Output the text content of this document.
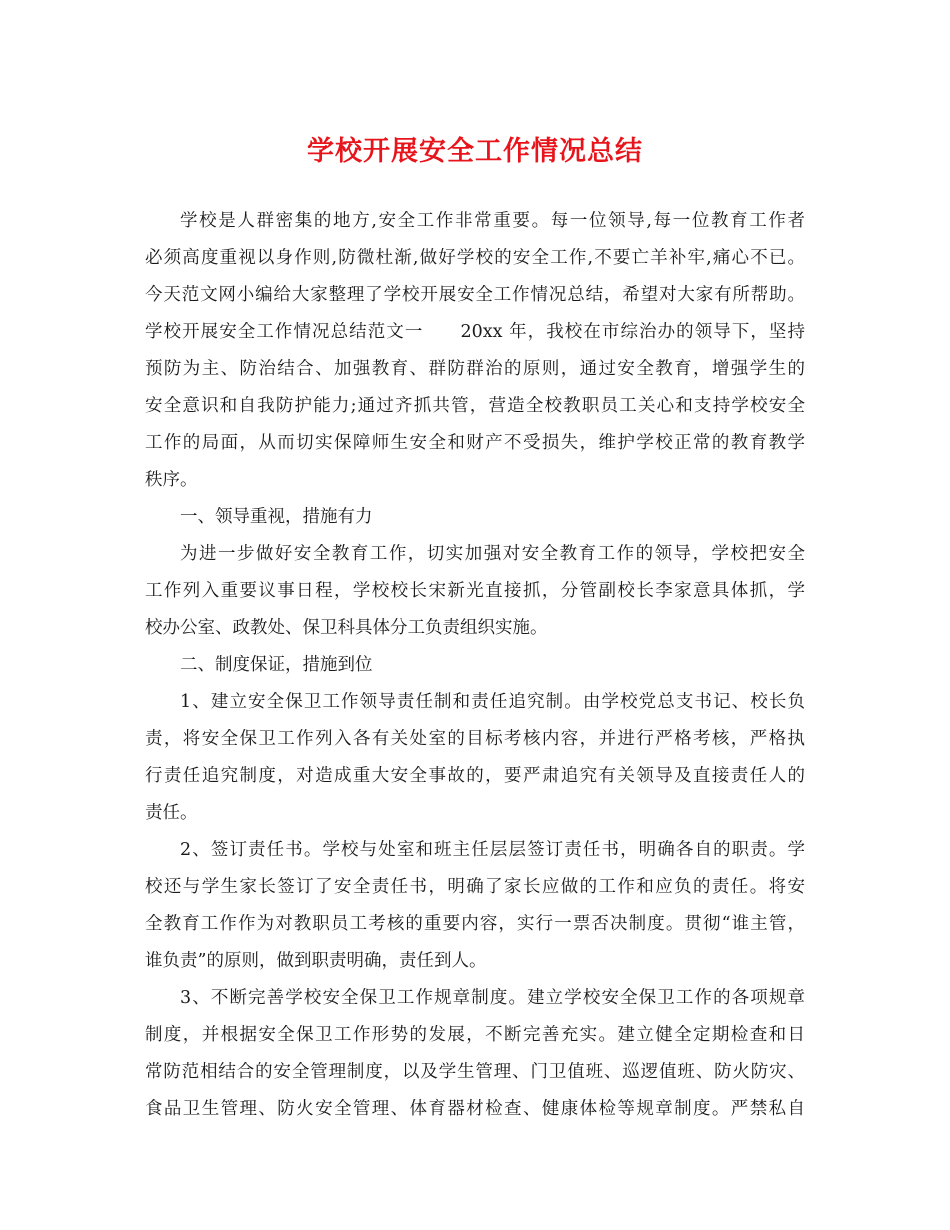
学校开展安全工作情况总结
学校是人群密集的地方,安全工作非常重要。每一位领导,每一位教育工作者
必须高度重视以身作则,防微杜渐,做好学校的安全工作,不要亡羊补牢,痛心不已。
今天范文网小编给大家整理了学校开展安全工作情况总结，希望对大家有所帮助。
学校开展安全工作情况总结范文一　　20xx 年，我校在市综治办的领导下，坚持
预防为主、防治结合、加强教育、群防群治的原则，通过安全教育，增强学生的
安全意识和自我防护能力;通过齐抓共管，营造全校教职员工关心和支持学校安全
工作的局面，从而切实保障师生安全和财产不受损失，维护学校正常的教育教学
秩序。
一、领导重视，措施有力
为进一步做好安全教育工作，切实加强对安全教育工作的领导，学校把安全
工作列入重要议事日程，学校校长宋新光直接抓，分管副校长李家意具体抓，学
校办公室、政教处、保卫科具体分工负责组织实施。
二、制度保证，措施到位
1、建立安全保卫工作领导责任制和责任追究制。由学校党总支书记、校长负
责，将安全保卫工作列入各有关处室的目标考核内容，并进行严格考核，严格执
行责任追究制度，对造成重大安全事故的，要严肃追究有关领导及直接责任人的
责任。
2、签订责任书。学校与处室和班主任层层签订责任书，明确各自的职责。学
校还与学生家长签订了安全责任书，明确了家长应做的工作和应负的责任。将安
全教育工作作为对教职员工考核的重要内容，实行一票否决制度。贯彻“谁主管，
谁负责”的原则，做到职责明确，责任到人。
3、不断完善学校安全保卫工作规章制度。建立学校安全保卫工作的各项规章
制度，并根据安全保卫工作形势的发展，不断完善充实。建立健全定期检查和日
常防范相结合的安全管理制度，以及学生管理、门卫值班、巡逻值班、防火防灾、
食品卫生管理、防火安全管理、体育器材检查、健康体检等规章制度。严禁私自
